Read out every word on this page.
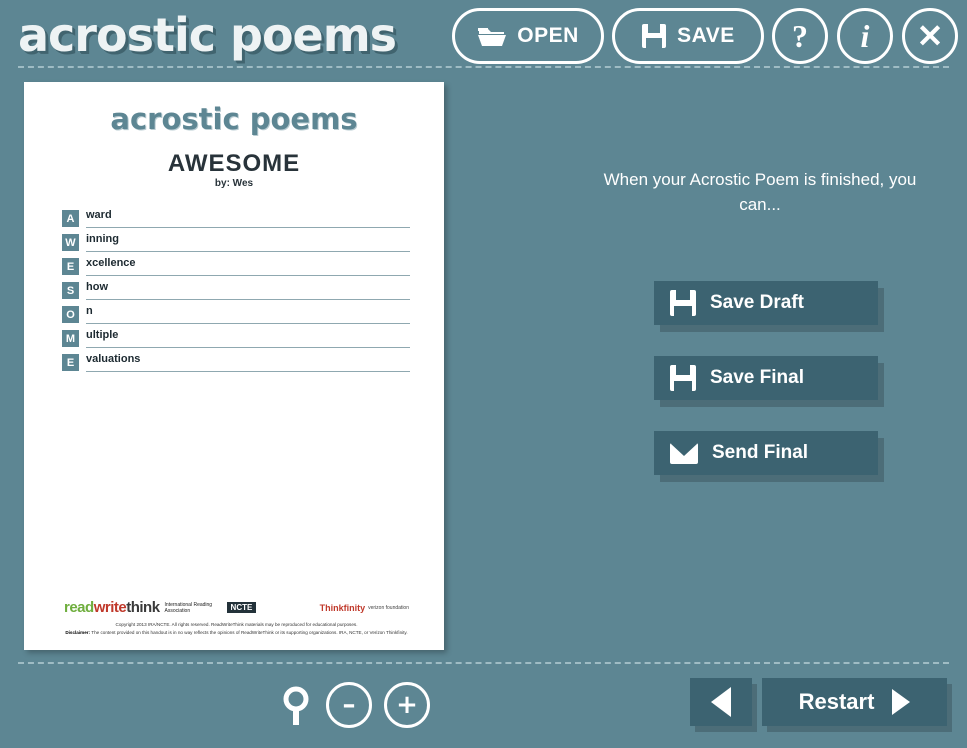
acrostic poems	OPEN	SAVE ? i ✕
acrostic poems
AWESOME
by: Wes
A	ward
W inning
E	xcellence
S	how
O	n
M ultiple
E	valuations
readwritethink International Reading Association	NCTE	Thinkfinity verizon foundation
Copyright 2013 IRA/NCTE. All rights reserved. ReadWriteThink materials may be reproduced for educational purposes.
Disclaimer: The content provided on this handout is in no way reflects the opinions of ReadWriteThink or its supporting organizations. IRA, NCTE, or Verizon Thinkfinity.
When your Acrostic Poem is finished, you can...
Save Draft
Save Final
Send Final
– +	Restart
